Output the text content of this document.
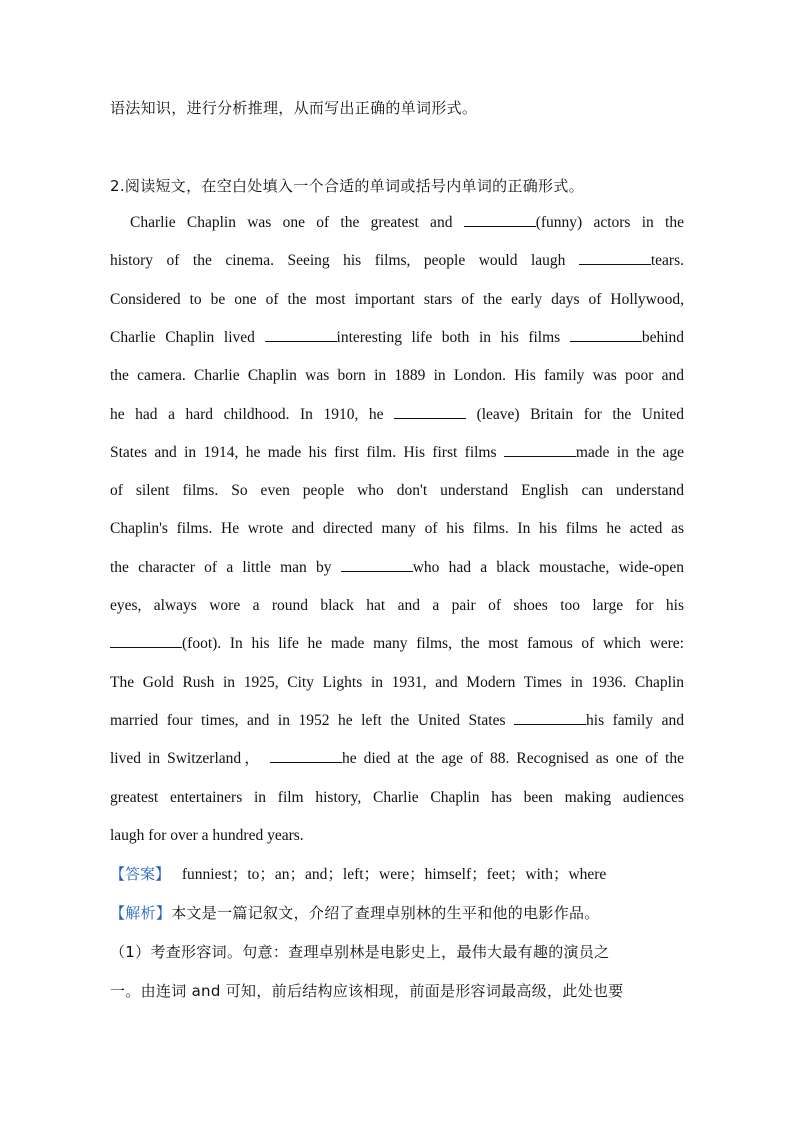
语法知识，进行分析推理，从而写出正确的单词形式。
2.阅读短文，在空白处填入一个合适的单词或括号内单词的正确形式。
Charlie Chaplin was one of the greatest and	(funny) actors in the
history of the cinema. Seeing his films, people would laugh	tears.
Considered to be one of the most important stars of the early days of Hollywood,
Charlie Chaplin lived	interesting life both in his films	behind
the camera. Charlie Chaplin was born in 1889 in London. His family was poor and
he had a hard childhood. In 1910, he	(leave) Britain for the United
States and in 1914, he made his first film. His first films	made in the age
of silent films. So even people who don't understand English can understand
Chaplin's films. He wrote and directed many of his films. In his films he acted as
the character of a little man by	who had a black moustache, wide-open
eyes, always wore a round black hat and a pair of shoes too large for his
(foot). In his life he made many films, the most famous of which were:
The Gold Rush in 1925, City Lights in 1931, and Modern Times in 1936. Chaplin
married four times, and in 1952 he left the United States	his family and
lived in Switzerland，	he died at the age of 88. Recognised as one of the
greatest entertainers in film history, Charlie Chaplin has been making audiences
laugh for over a hundred years.
【答案】 funniest；to；an；and；left；were；himself；feet；with；where
【解析】本文是一篇记叙文，介绍了查理卓别林的生平和他的电影作品。
（1）考查形容词。句意：查理卓别林是电影史上，最伟大最有趣的演员之
一。由连词 and 可知，前后结构应该相现，前面是形容词最高级，此处也要
